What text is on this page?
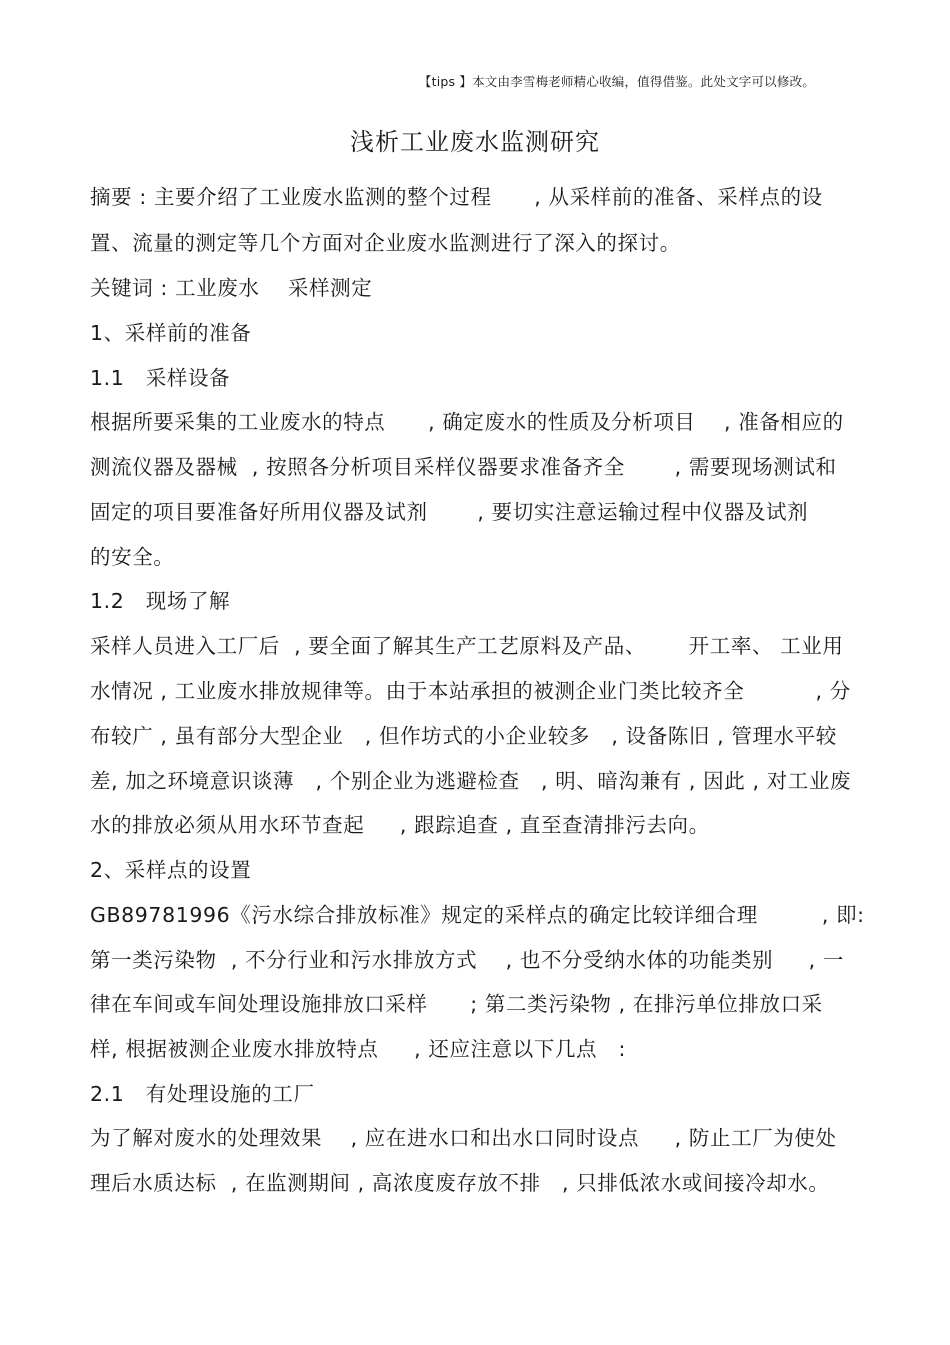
【tips 】本文由李雪梅老师精心收编，值得借鉴。此处文字可以修改。
浅析工业废水监测研究

摘要 : 主要介绍了工业废水监测的整个过程      , 从采样前的准备、采样点的设

置、流量的测定等几个方面对企业废水监测进行了深入的探讨。

关键词 : 工业废水    采样测定

1、采样前的准备

1.1   采样设备

根据所要采集的工业废水的特点      , 确定废水的性质及分析项目    , 准备相应的

测流仪器及器械  , 按照各分析项目采样仪器要求准备齐全       , 需要现场测试和

固定的项目要准备好所用仪器及试剂       , 要切实注意运输过程中仪器及试剂

的安全。

1.2   现场了解

采样人员进入工厂后  , 要全面了解其生产工艺原料及产品、      开工率、 工业用

水情况 , 工业废水排放规律等。由于本站承担的被测企业门类比较齐全          , 分

布较广 , 虽有部分大型企业   , 但作坊式的小企业较多   , 设备陈旧 , 管理水平较

差, 加之环境意识谈薄   , 个别企业为逃避检查   , 明、暗沟兼有 , 因此 , 对工业废

水的排放必须从用水环节查起     , 跟踪追查 , 直至查清排污去向。

2、采样点的设置

GB89781996《污水综合排放标准》规定的采样点的确定比较详细合理         , 即:

第一类污染物  , 不分行业和污水排放方式    , 也不分受纳水体的功能类别     , 一

律在车间或车间处理设施排放口采样      ; 第二类污染物 , 在排污单位排放口采

样, 根据被测企业废水排放特点     , 还应注意以下几点   :

2.1   有处理设施的工厂

为了解对废水的处理效果    , 应在进水口和出水口同时设点     , 防止工厂为使处

理后水质达标  , 在监测期间 , 高浓度废存放不排   , 只排低浓水或间接冷却水。
